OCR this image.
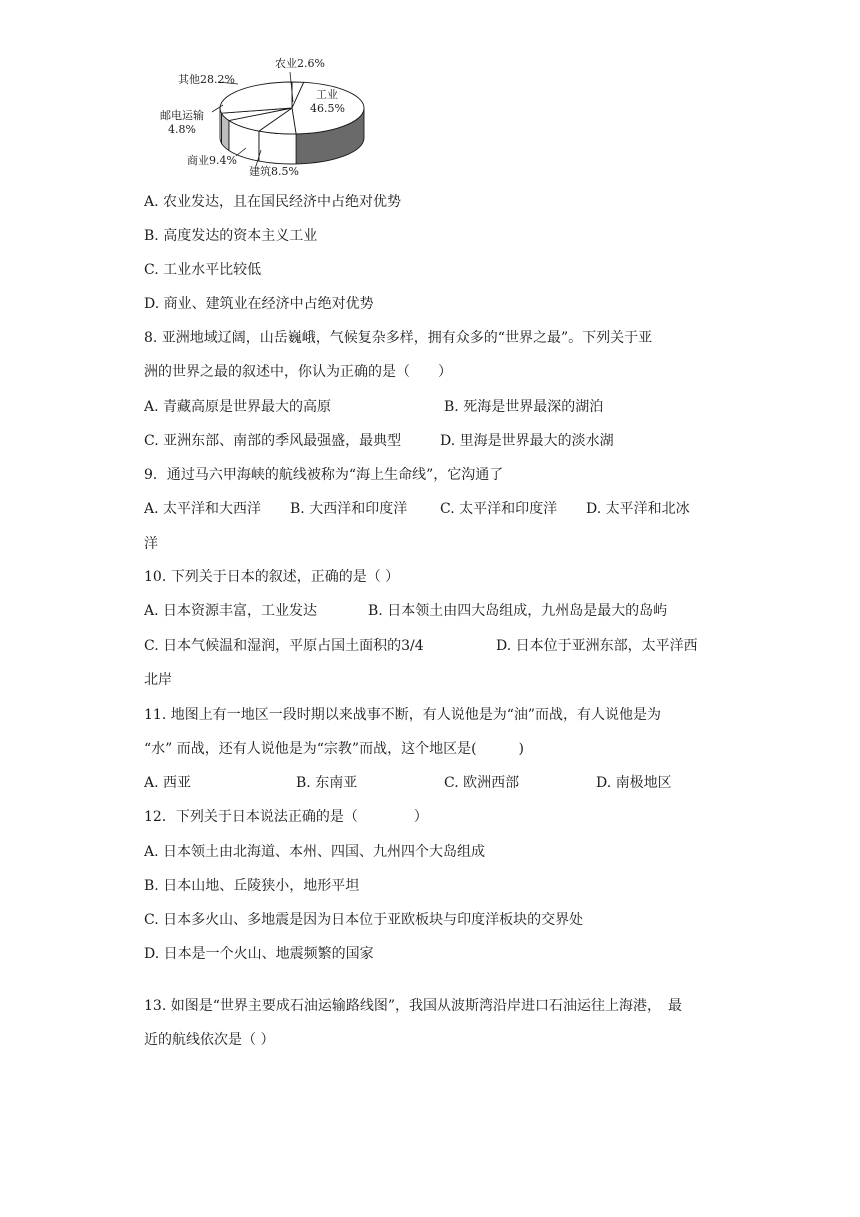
农业2.6%
工业
46.5%
其他28.2%
邮电运输
4.8%
商业9.4%
建筑8.5%
A. 农业发达，且在国民经济中占绝对优势
B. 高度发达的资本主义工业
C. 工业水平比较低
D. 商业、建筑业在经济中占绝对优势
8. 亚洲地域辽阔，山岳巍峨，气候复杂多样，拥有众多的“世界之最”。下列关于亚
洲的世界之最的叙述中，你认为正确的是（　　）
A. 青藏高原是世界最大的高原	B. 死海是世界最深的湖泊
C. 亚洲东部、南部的季风最强盛，最典型	D. 里海是世界最大的淡水湖
9．通过马六甲海峡的航线被称为“海上生命线”，它沟通了
A. 太平洋和大西洋 B. 大西洋和印度洋 C. 太平洋和印度洋 D. 太平洋和北冰
洋
10. 下列关于日本的叙述，正确的是（ ）
A. 日本资源丰富，工业发达	B. 日本领土由四大岛组成，九州岛是最大的岛屿
C. 日本气候温和湿润，平原占国土面积的3/4	D. 日本位于亚洲东部，太平洋西
北岸
11. 地图上有一地区一段时期以来战事不断，有人说他是为“油”而战，有人说他是为
“水” 而战，还有人说他是为“宗教”而战，这个地区是(　　　)
A. 西亚	B. 东南亚	C. 欧洲西部	D. 南极地区
12．下列关于日本说法正确的是（　　　　）
A. 日本领土由北海道、本州、四国、九州四个大岛组成
B. 日本山地、丘陵狭小，地形平坦
C. 日本多火山、多地震是因为日本位于亚欧板块与印度洋板块的交界处
D. 日本是一个火山、地震频繁的国家
13. 如图是“世界主要成石油运输路线图”，我国从波斯湾沿岸进口石油运往上海港，　最
近的航线依次是（ ）
